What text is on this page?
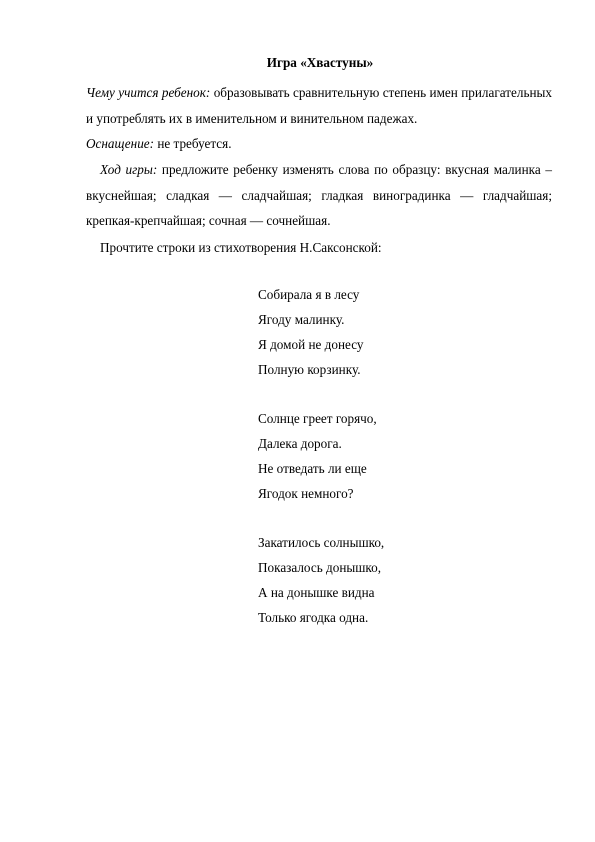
Игра «Хвастуны»
Чему учится ребенок: образовывать сравнительную степень имен прилагательных и употреблять их в именительном и винительном падежах.
Оснащение: не требуется.
Ход игры: предложите ребенку изменять слова по образцу: вкусная малинка – вкуснейшая; сладкая — сладчайшая; гладкая виноградинка — гладчайшая; крепкая-крепчайшая; сочная — сочнейшая.
Прочтите строки из стихотворения Н.Саксонской:
Собирала я в лесу
Ягоду малинку.
Я домой не донесу
Полную корзинку.
Солнце греет горячо,
Далека дорога.
Не отведать ли еще
Ягодок немного?
Закатилось солнышко,
Показалось донышко,
А на донышке видна
Только ягодка одна.
